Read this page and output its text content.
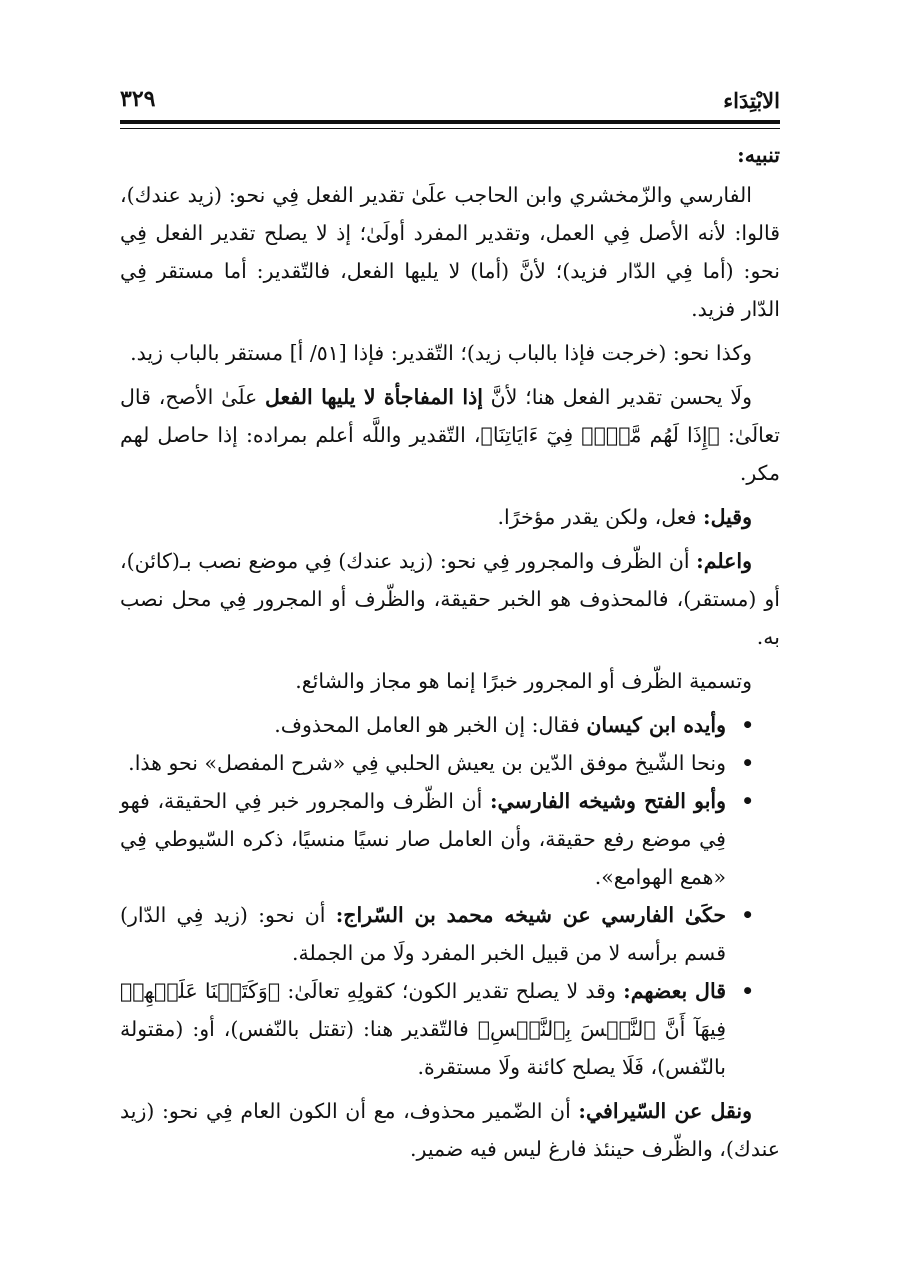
الابْتِدَاء
٣٢٩

تنبيه:

الفارسي والزّمخشري وابن الحاجب علَىٰ تقدير الفعل فِي نحو: (زيد عندك)، قالوا: لأنه الأصل فِي العمل، وتقدير المفرد أولَىٰ؛ إذ لا يصلح تقدير الفعل فِي نحو: (أما فِي الدّار فزيد)؛ لأنَّ (أما) لا يليها الفعل، فالتّقدير: أما مستقر فِي الدّار فزيد.

وكذا نحو: (خرجت فإذا بالباب زيد)؛ التّقدير: فإذا [٥١/ أ] مستقر بالباب زيد.

ولَا يحسن تقدير الفعل هنا؛ لأنَّ إذا المفاجأة لا يليها الفعل علَىٰ الأصح، قال تعالَىٰ: ﴿إِذَا لَهُم مَّكۡرٞ فِيٓ ءَايَاتِنَا﴾، التّقدير واللَّه أعلم بمراده: إذا حاصل لهم مكر.

وقيل: فعل، ولكن يقدر مؤخرًا.

واعلم: أن الظّرف والمجرور فِي نحو: (زيد عندك) فِي موضع نصب بـ(كائن)، أو (مستقر)، فالمحذوف هو الخبر حقيقة، والظّرف أو المجرور فِي محل نصب به.

وتسمية الظّرف أو المجرور خبرًا إنما هو مجاز والشائع.

• وأيده ابن كيسان فقال: إن الخبر هو العامل المحذوف.
• ونحا الشّيخ موفق الدّين بن يعيش الحلبي فِي «شرح المفصل» نحو هذا.
• وأبو الفتح وشيخه الفارسي: أن الظّرف والمجرور خبر فِي الحقيقة، فهو فِي موضع رفع حقيقة، وأن العامل صار نسيًا منسيًا، ذكره السّيوطي فِي «همع الهوامع».
• حكَىٰ الفارسي عن شيخه محمد بن السّراج: أن نحو: (زيد فِي الدّار) قسم برأسه لا من قبيل الخبر المفرد ولَا من الجملة.
• قال بعضهم: وقد لا يصلح تقدير الكون؛ كقولِهِ تعالَىٰ: ﴿وَكَتَبۡنَا عَلَيۡهِمۡ فِيهَآ أَنَّ ٱلنَّفۡسَ بِٱلنَّفۡسِ﴾ فالتّقدير هنا: (تقتل بالنّفس)، أو: (مقتولة بالنّفس)، فَلَا يصلح كائنة ولَا مستقرة.

ونقل عن السّيرافي: أن الضّمير محذوف، مع أن الكون العام فِي نحو: (زيد عندك)، والظّرف حينئذ فارغ ليس فيه ضمير.
